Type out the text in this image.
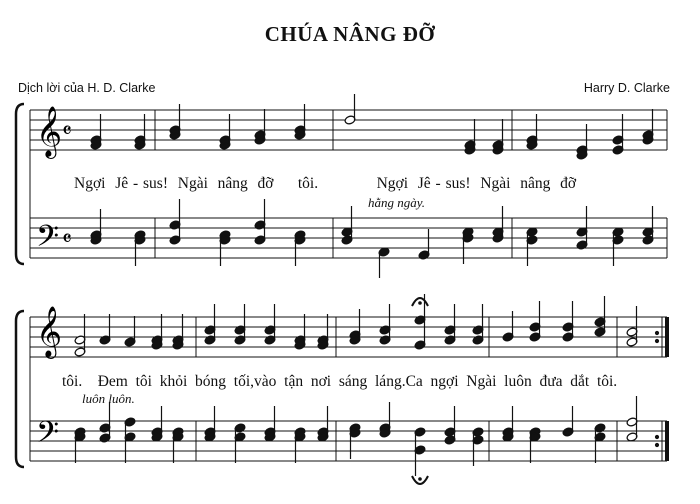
CHÚA NÂNG ĐỠ
Dịch lời của H. D. Clarke	Harry D. Clarke
𝄞
𝄢
𝄴
𝄴
𝄞
𝄢
Ngợi  Jê - sus!  Ngài  nâng  đỡ     tôi.            Ngợi  Jê - sus!  Ngài  nâng  đỡ
hằng ngày.
tôi.    Đem  tôi  khỏi  bóng  tối,vào  tận  nơi  sáng  láng.Ca  ngợi  Ngài  luôn  đưa  dắt  tôi.
luôn luôn.
